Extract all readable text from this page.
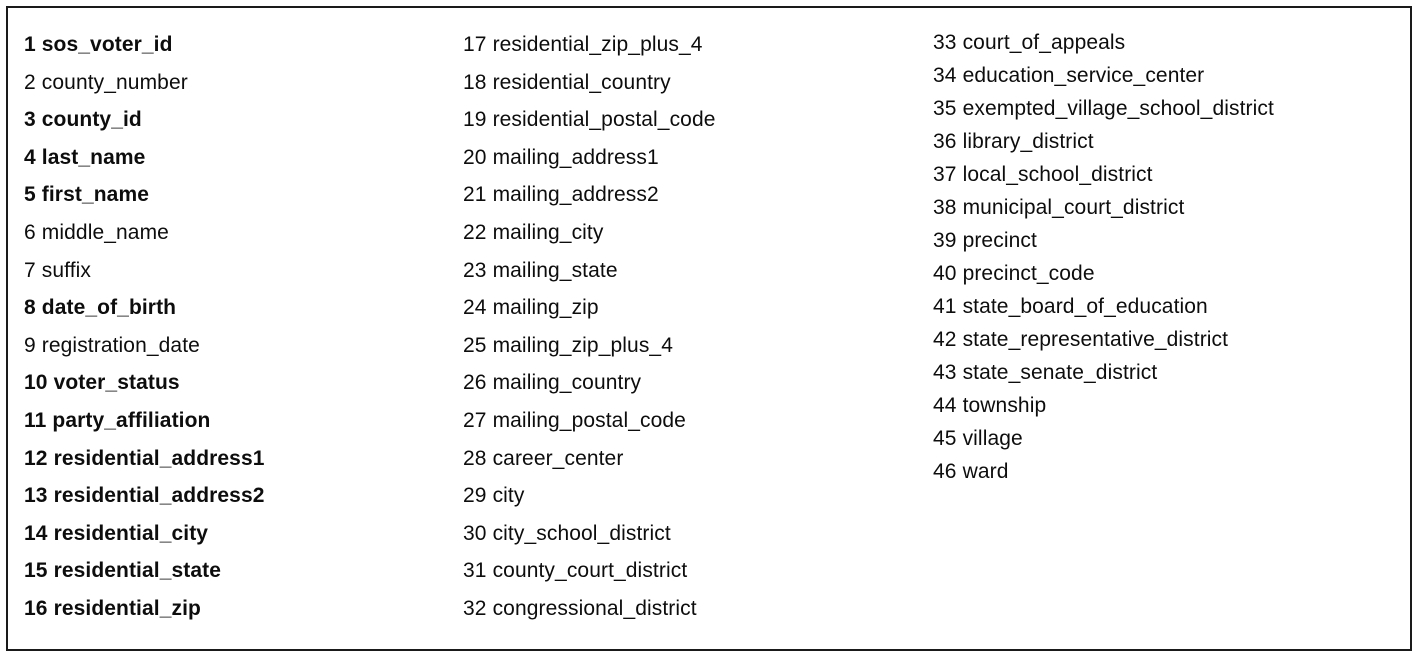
1 sos_voter_id
2 county_number
3 county_id
4 last_name
5 first_name
6 middle_name
7 suffix
8 date_of_birth
9 registration_date
10 voter_status
11 party_affiliation
12 residential_address1
13 residential_address2
14 residential_city
15 residential_state
16 residential_zip
17 residential_zip_plus_4
18 residential_country
19 residential_postal_code
20 mailing_address1
21 mailing_address2
22 mailing_city
23 mailing_state
24 mailing_zip
25 mailing_zip_plus_4
26 mailing_country
27 mailing_postal_code
28 career_center
29 city
30 city_school_district
31 county_court_district
32 congressional_district
33 court_of_appeals
34 education_service_center
35 exempted_village_school_district
36 library_district
37 local_school_district
38 municipal_court_district
39 precinct
40 precinct_code
41 state_board_of_education
42 state_representative_district
43 state_senate_district
44 township
45 village
46 ward
